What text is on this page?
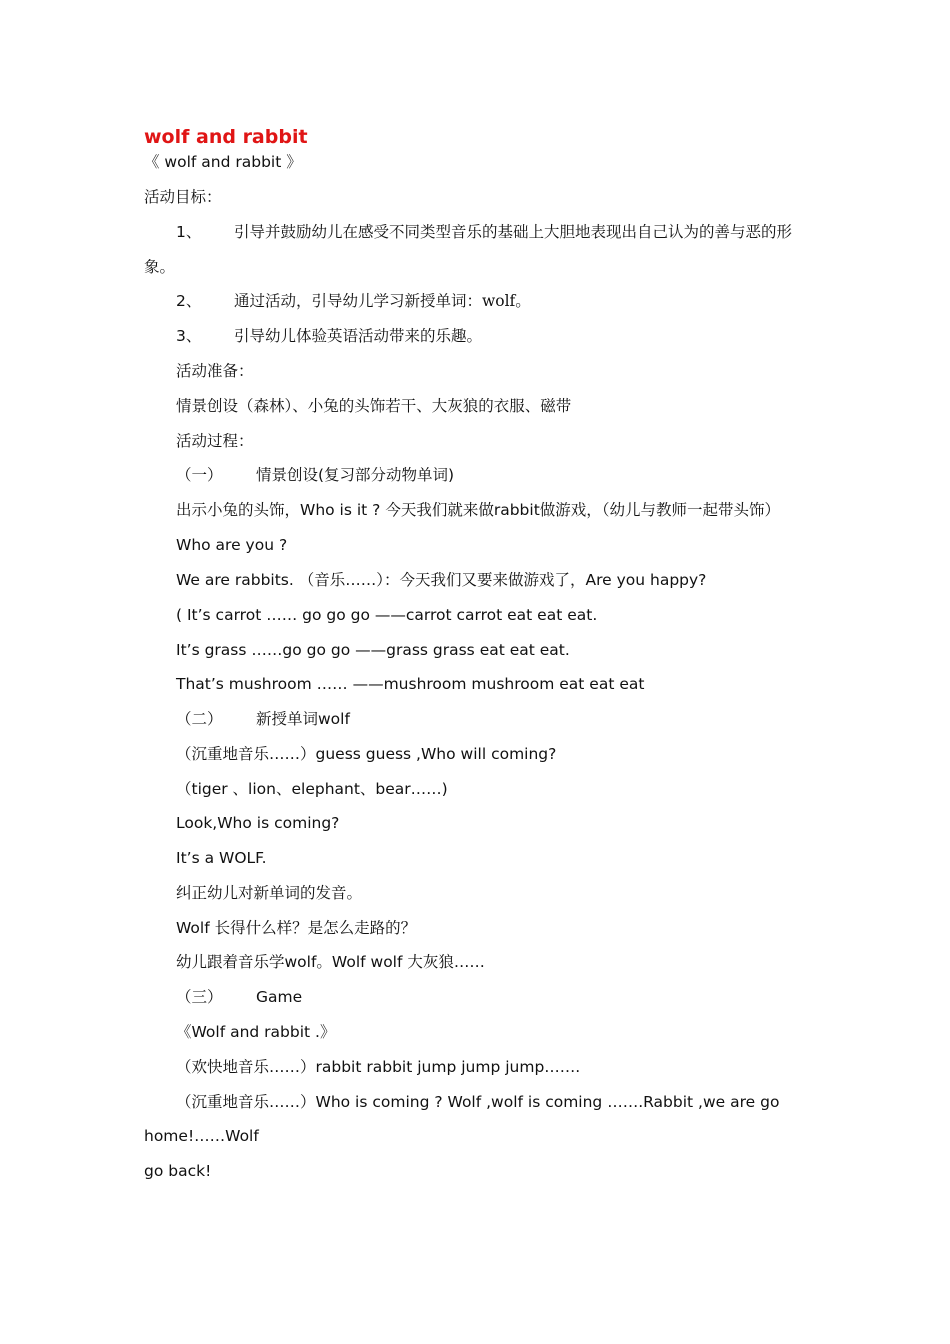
wolf and rabbit
《 wolf and rabbit 》
活动目标：
1、 引导并鼓励幼儿在感受不同类型音乐的基础上大胆地表现出自己认为的善与恶的形
象。
2、 通过活动，引导幼儿学习新授单词：wolf。
3、 引导幼儿体验英语活动带来的乐趣。
活动准备：
情景创设（森林）、小兔的头饰若干、大灰狼的衣服、磁带
活动过程：
（一） 情景创设(复习部分动物单词)
出示小兔的头饰，Who is it ? 今天我们就来做rabbit做游戏，（幼儿与教师一起带头饰）
Who are you ?
We are rabbits. （音乐……）：今天我们又要来做游戏了，Are you happy?
( It’s carrot …… go go go ——carrot carrot eat eat eat.
It’s grass ……go go go ——grass grass eat eat eat.
That’s mushroom …… ——mushroom mushroom eat eat eat
（二） 新授单词wolf
（沉重地音乐……）guess guess ,Who will coming?
（tiger 、lion、elephant、bear……)
Look,Who is coming?
It’s a WOLF.
纠正幼儿对新单词的发音。
Wolf 长得什么样？是怎么走路的？
幼儿跟着音乐学wolf。Wolf wolf 大灰狼……
（三） Game
《Wolf and rabbit .》
（欢快地音乐……）rabbit rabbit jump jump jump…….
（沉重地音乐……）Who is coming ? Wolf ,wolf is coming …….Rabbit ,we are go
home!……Wolf
go back!
